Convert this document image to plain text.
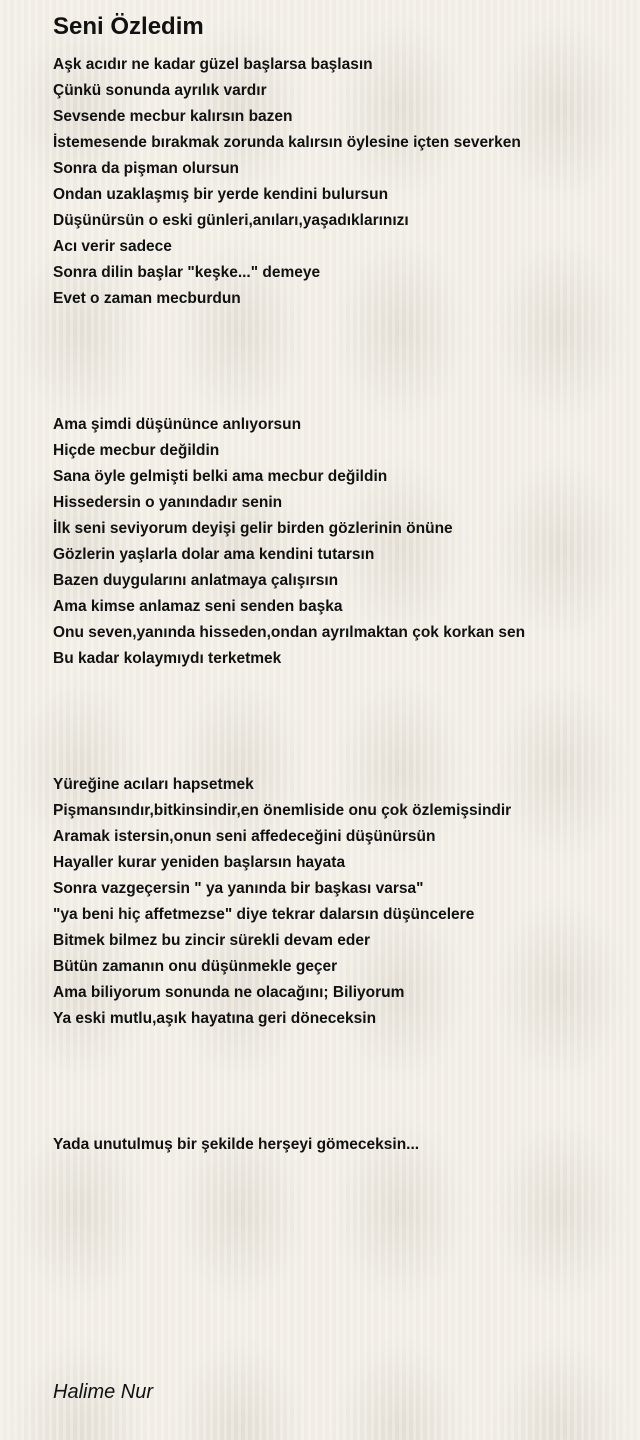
Seni Özledim
Aşk acıdır ne kadar güzel başlarsa başlasın
Çünkü sonunda ayrılık vardır
Sevsende mecbur kalırsın bazen
İstemesende bırakmak zorunda kalırsın öylesine içten severken
Sonra da pişman olursun
Ondan uzaklaşmış bir yerde kendini bulursun
Düşünürsün o eski günleri,anıları,yaşadıklarınızı
Acı verir sadece
Sonra dilin başlar "keşke..." demeye
Evet o zaman mecburdun
Ama şimdi düşününce anlıyorsun
Hiçde mecbur değildin
Sana öyle gelmişti belki ama mecbur değildin
Hissedersin o yanındadır senin
İlk seni seviyorum deyişi gelir birden gözlerinin önüne
Gözlerin yaşlarla dolar ama kendini tutarsın
Bazen duygularını anlatmaya çalışırsın
Ama kimse anlamaz seni senden başka
Onu seven,yanında hisseden,ondan ayrılmaktan çok korkan sen
Bu kadar kolaymıydı terketmek
Yüreğine acıları hapsetmek
Pişmansındır,bitkinsindir,en önemliside onu çok özlemişsindir
Aramak istersin,onun seni affedeceğini düşünürsün
Hayaller kurar yeniden başlarsın hayata
Sonra vazgeçersin " ya yanında bir başkası varsa"
"ya beni hiç affetmezse" diye tekrar dalarsın düşüncelere
Bitmek bilmez bu zincir sürekli devam eder
Bütün zamanın onu düşünmekle geçer
Ama biliyorum sonunda ne olacağını; Biliyorum
Ya eski mutlu,aşık hayatına geri döneceksin
Yada unutulmuş bir şekilde herşeyi gömeceksin...

Halime Nur
